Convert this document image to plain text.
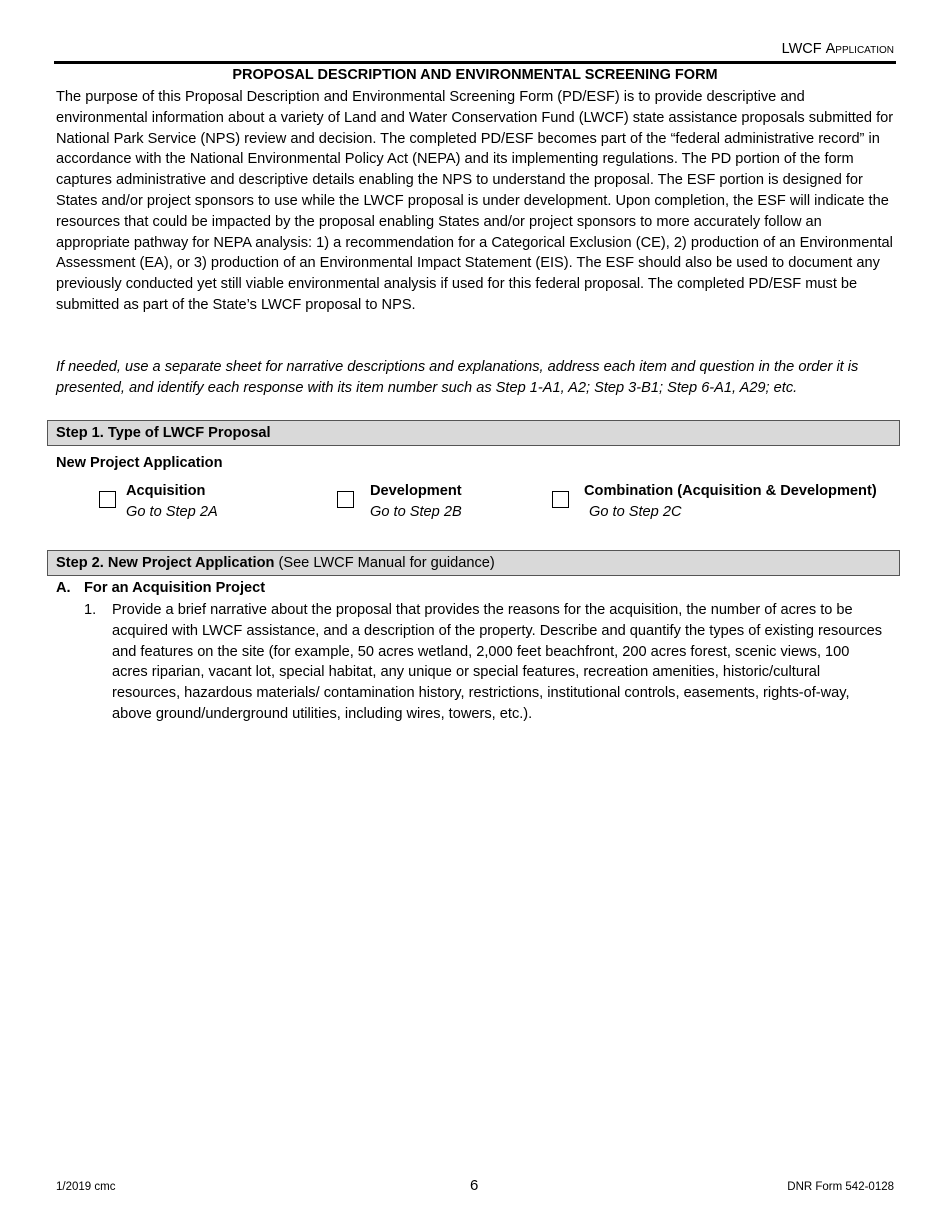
LWCF Application
PROPOSAL DESCRIPTION AND ENVIRONMENTAL SCREENING FORM

The purpose of this Proposal Description and Environmental Screening Form (PD/ESF) is to provide descriptive and environmental information about a variety of Land and Water Conservation Fund (LWCF) state assistance proposals submitted for National Park Service (NPS) review and decision. The completed PD/ESF becomes part of the “federal administrative record” in accordance with the National Environmental Policy Act (NEPA) and its implementing regulations. The PD portion of the form captures administrative and descriptive details enabling the NPS to understand the proposal. The ESF portion is designed for States and/or project sponsors to use while the LWCF proposal is under development. Upon completion, the ESF will indicate the resources that could be impacted by the proposal enabling States and/or project sponsors to more accurately follow an appropriate pathway for NEPA analysis: 1) a recommendation for a Categorical Exclusion (CE), 2) production of an Environmental Assessment (EA), or 3) production of an Environmental Impact Statement (EIS). The ESF should also be used to document any previously conducted yet still viable environmental analysis if used for this federal proposal. The completed PD/ESF must be submitted as part of the State’s LWCF proposal to NPS.

If needed, use a separate sheet for narrative descriptions and explanations, address each item and question in the order it is presented, and identify each response with its item number such as Step 1-A1, A2; Step 3-B1; Step 6-A1, A29; etc.

Step 1. Type of LWCF Proposal
New Project Application
Acquisition
Go to Step 2A
Development
Go to Step 2B
Combination (Acquisition & Development)
Go to Step 2C
Step 2. New Project Application (See LWCF Manual for guidance)
A. For an Acquisition Project
1. Provide a brief narrative about the proposal that provides the reasons for the acquisition, the number of acres to be acquired with LWCF assistance, and a description of the property. Describe and quantify the types of existing resources and features on the site (for example, 50 acres wetland, 2,000 feet beachfront, 200 acres forest, scenic views, 100 acres riparian, vacant lot, special habitat, any unique or special features, recreation amenities, historic/cultural resources, hazardous materials/ contamination history, restrictions, institutional controls, easements, rights-of-way, above ground/underground utilities, including wires, towers, etc.).
1/2019 cmc	6	DNR Form 542-0128
